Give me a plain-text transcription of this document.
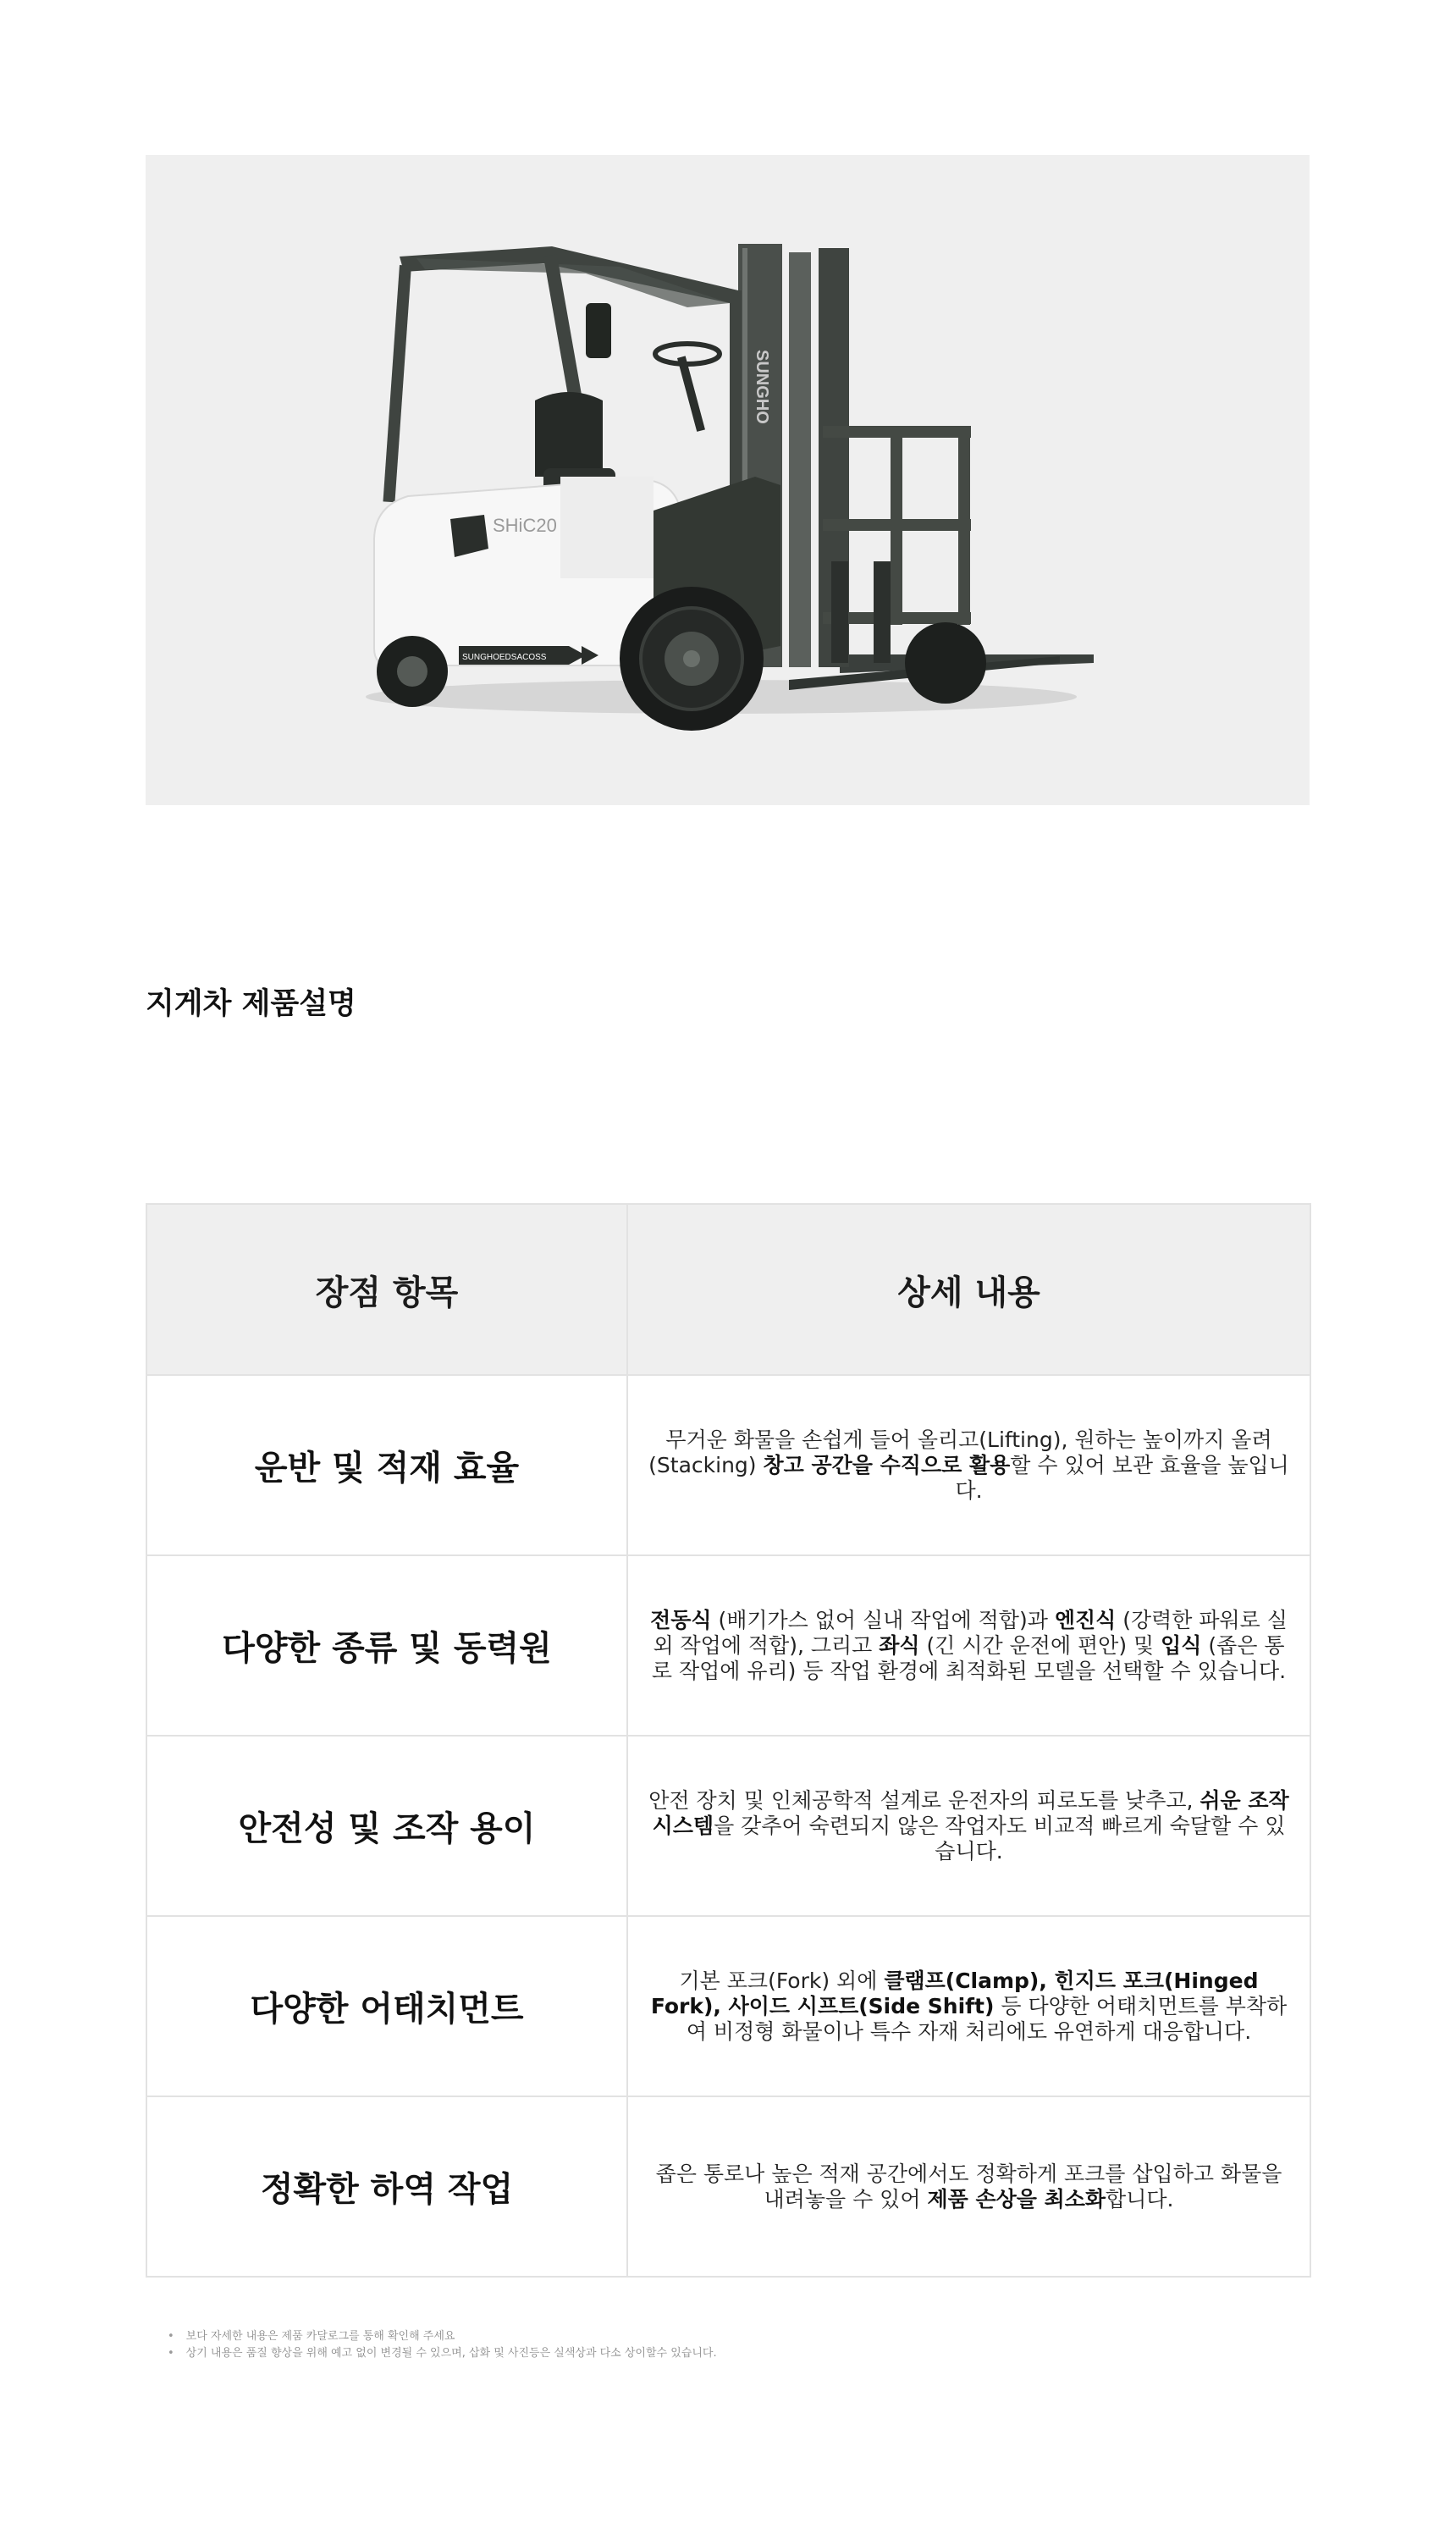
SHiC20
SUNGHO
SUNGHOEDSACOSS
지게차 제품설명
장점 항목	상세 내용
운반 및 적재 효율	무거운 화물을 손쉽게 들어 올리고(Lifting), 원하는 높이까지 올려(Stacking) 창고 공간을 수직으로 활용할 수 있어 보관 효율을 높입니다.
다양한 종류 및 동력원	전동식 (배기가스 없어 실내 작업에 적합)과 엔진식 (강력한 파워로 실외 작업에 적합), 그리고 좌식 (긴 시간 운전에 편안) 및 입식 (좁은 통로 작업에 유리) 등 작업 환경에 최적화된 모델을 선택할 수 있습니다.
안전성 및 조작 용이	안전 장치 및 인체공학적 설계로 운전자의 피로도를 낮추고, 쉬운 조작 시스템을 갖추어 숙련되지 않은 작업자도 비교적 빠르게 숙달할 수 있습니다.
다양한 어태치먼트	기본 포크(Fork) 외에 클램프(Clamp), 힌지드 포크(Hinged Fork), 사이드 시프트(Side Shift) 등 다양한 어태치먼트를 부착하여 비정형 화물이나 특수 자재 처리에도 유연하게 대응합니다.
정확한 하역 작업	좁은 통로나 높은 적재 공간에서도 정확하게 포크를 삽입하고 화물을 내려놓을 수 있어 제품 손상을 최소화합니다.
• 보다 자세한 내용은 제품 카달로그를 통해 확인해 주세요
• 상기 내용은 품질 향상을 위해 예고 없이 변경될 수 있으며, 삽화 및 사진등은 실색상과 다소 상이할수 있습니다.
